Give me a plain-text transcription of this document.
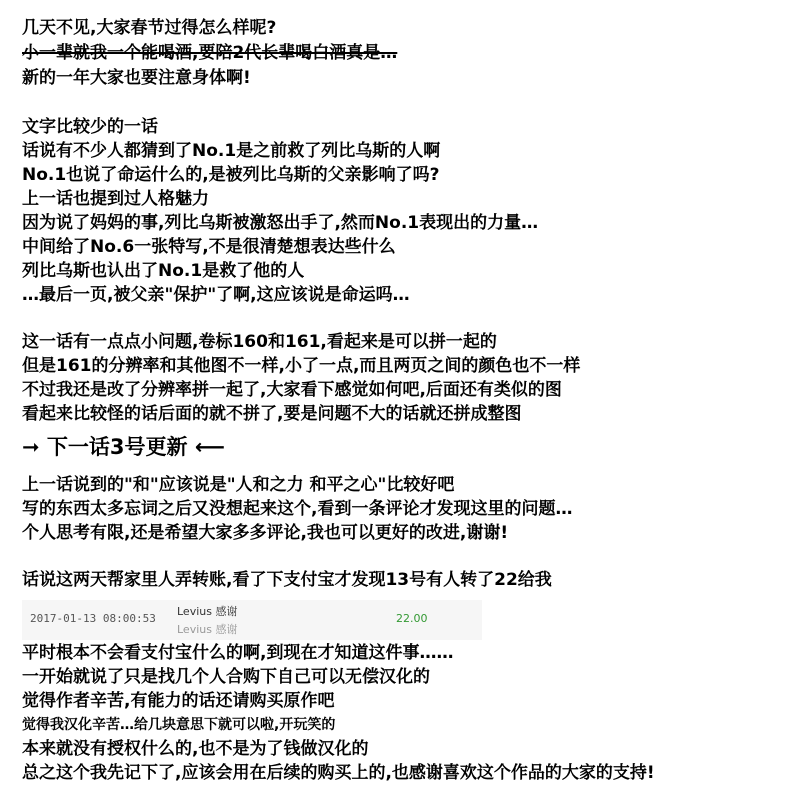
几天不见,大家春节过得怎么样呢?
小一辈就我一个能喝酒,要陪2代长辈喝白酒真是…
新的一年大家也要注意身体啊!
文字比较少的一话
话说有不少人都猜到了No.1是之前救了列比乌斯的人啊
No.1也说了命运什么的,是被列比乌斯的父亲影响了吗?
上一话也提到过人格魅力
因为说了妈妈的事,列比乌斯被激怒出手了,然而No.1表现出的力量…
中间给了No.6一张特写,不是很清楚想表达些什么
列比乌斯也认出了No.1是救了他的人
…最后一页,被父亲"保护"了啊,这应该说是命运吗…
这一话有一点点小问题,卷标160和161,看起来是可以拼一起的
但是161的分辨率和其他图不一样,小了一点,而且两页之间的颜色也不一样
不过我还是改了分辨率拼一起了,大家看下感觉如何吧,后面还有类似的图
看起来比较怪的话后面的就不拼了,要是问题不大的话就还拼成整图
➞ 下一话3号更新 ⟵
上一话说到的"和"应该说是"人和之力 和平之心"比较好吧
写的东西太多忘词之后又没想起来这个,看到一条评论才发现这里的问题…
个人思考有限,还是希望大家多多评论,我也可以更好的改进,谢谢!
话说这两天帮家里人弄转账,看了下支付宝才发现13号有人转了22给我
2017-01-13 08:00:53
Levius 感谢
Levius 感谢
22.00
平时根本不会看支付宝什么的啊,到现在才知道这件事……
一开始就说了只是找几个人合购下自己可以无偿汉化的
觉得作者辛苦,有能力的话还请购买原作吧
觉得我汉化辛苦…给几块意思下就可以啦,开玩笑的
本来就没有授权什么的,也不是为了钱做汉化的
总之这个我先记下了,应该会用在后续的购买上的,也感谢喜欢这个作品的大家的支持!
